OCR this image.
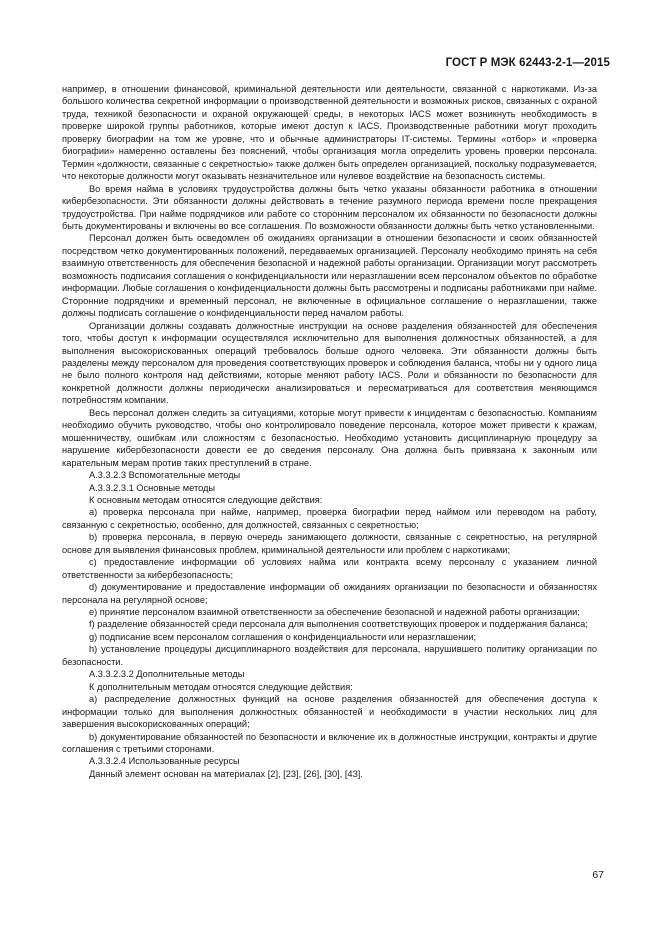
ГОСТ Р МЭК 62443-2-1—2015

например, в отношении финансовой, криминальной деятельности или деятельности, связанной с наркотиками. Из-за большого количества секретной информации о производственной деятельности и возможных рисков, связанных с охраной труда, техникой безопасности и охраной окружающей среды, в некоторых IACS может возникнуть необходимость в проверке широкой группы работников, которые имеют доступ к IACS. Производственные работники могут проходить проверку биографии на том же уровне, что и обычные администраторы IT-системы. Термины «отбор» и «проверка биографии» намеренно оставлены без пояснений, чтобы организация могла определить уровень проверки персонала. Термин «должности, связанные с секретностью» также должен быть определен организацией, поскольку подразумевается, что некоторые должности могут оказывать незначительное или нулевое воздействие на безопасность системы.

Во время найма в условиях трудоустройства должны быть четко указаны обязанности работника в отношении кибербезопасности. Эти обязанности должны действовать в течение разумного периода времени после прекращения трудоустройства. При найме подрядчиков или работе со сторонним персоналом их обязанности по безопасности должны быть документированы и включены во все соглашения. По возможности обязанности должны быть четко установленными.

Персонал должен быть осведомлен об ожиданиях организации в отношении безопасности и своих обязанностей посредством четко документированных положений, передаваемых организацией. Персоналу необходимо принять на себя взаимную ответственность для обеспечения безопасной и надежной работы организации. Организации могут рассмотреть возможность подписания соглашения о конфиденциальности или неразглашении всем персоналом объектов по обработке информации. Любые соглашения о конфиденциальности должны быть рассмотрены и подписаны работниками при найме. Сторонние подрядчики и временный персонал, не включенные в официальное соглашение о неразглашении, также должны подписать соглашение о конфиденциальности перед началом работы.

Организации должны создавать должностные инструкции на основе разделения обязанностей для обеспечения того, чтобы доступ к информации осуществлялся исключительно для выполнения должностных обязанностей, а для выполнения высокорискованных операций требовалось больше одного человека. Эти обязанности должны быть разделены между персоналом для проведения соответствующих проверок и соблюдения баланса, чтобы ни у одного лица не было полного контроля над действиями, которые меняют работу IACS. Роли и обязанности по безопасности для конкретной должности должны периодически анализироваться и пересматриваться для соответствия меняющимся потребностям компании.

Весь персонал должен следить за ситуациями, которые могут привести к инцидентам с безопасностью. Компаниям необходимо обучить руководство, чтобы оно контролировало поведение персонала, которое может привести к кражам, мошенничеству, ошибкам или сложностям с безопасностью. Необходимо установить дисциплинарную процедуру за нарушение кибербезопасности довести ее до сведения персоналу. Она должна быть привязана к законным или карательным мерам против таких преступлений в стране.

А.3.3.2.3 Вспомогательные методы

А.3.3.2.3.1 Основные методы

К основным методам относятся следующие действия:

а) проверка персонала при найме, например, проверка биографии перед наймом или переводом на работу, связанную с секретностью, особенно, для должностей, связанных с секретностью;

b) проверка персонала, в первую очередь занимающего должности, связанные с секретностью, на регулярной основе для выявления финансовых проблем, криминальной деятельности или проблем с наркотиками;

c) предоставление информации об условиях найма или контракта всему персоналу с указанием личной ответственности за кибербезопасность;

d) документирование и предоставление информации об ожиданиях организации по безопасности и обязанностях персонала на регулярной основе;

e) принятие персоналом взаимной ответственности за обеспечение безопасной и надежной работы организации;

f) разделение обязанностей среди персонала для выполнения соответствующих проверок и поддержания баланса;

g) подписание всем персоналом соглашения о конфиденциальности или неразглашении;

h) установление процедуры дисциплинарного воздействия для персонала, нарушившего политику организации по безопасности.

А.3.3.2.3.2 Дополнительные методы

К дополнительным методам относятся следующие действия:

а) распределение должностных функций на основе разделения обязанностей для обеспечения доступа к информации только для выполнения должностных обязанностей и необходимости в участии нескольких лиц для завершения высокорискованных операций;

b) документирование обязанностей по безопасности и включение их в должностные инструкции, контракты и другие соглашения с третьими сторонами.

А.3.3.2.4 Использованные ресурсы

Данный элемент основан на материалах [2], [23], [26], [30], [43].

67
